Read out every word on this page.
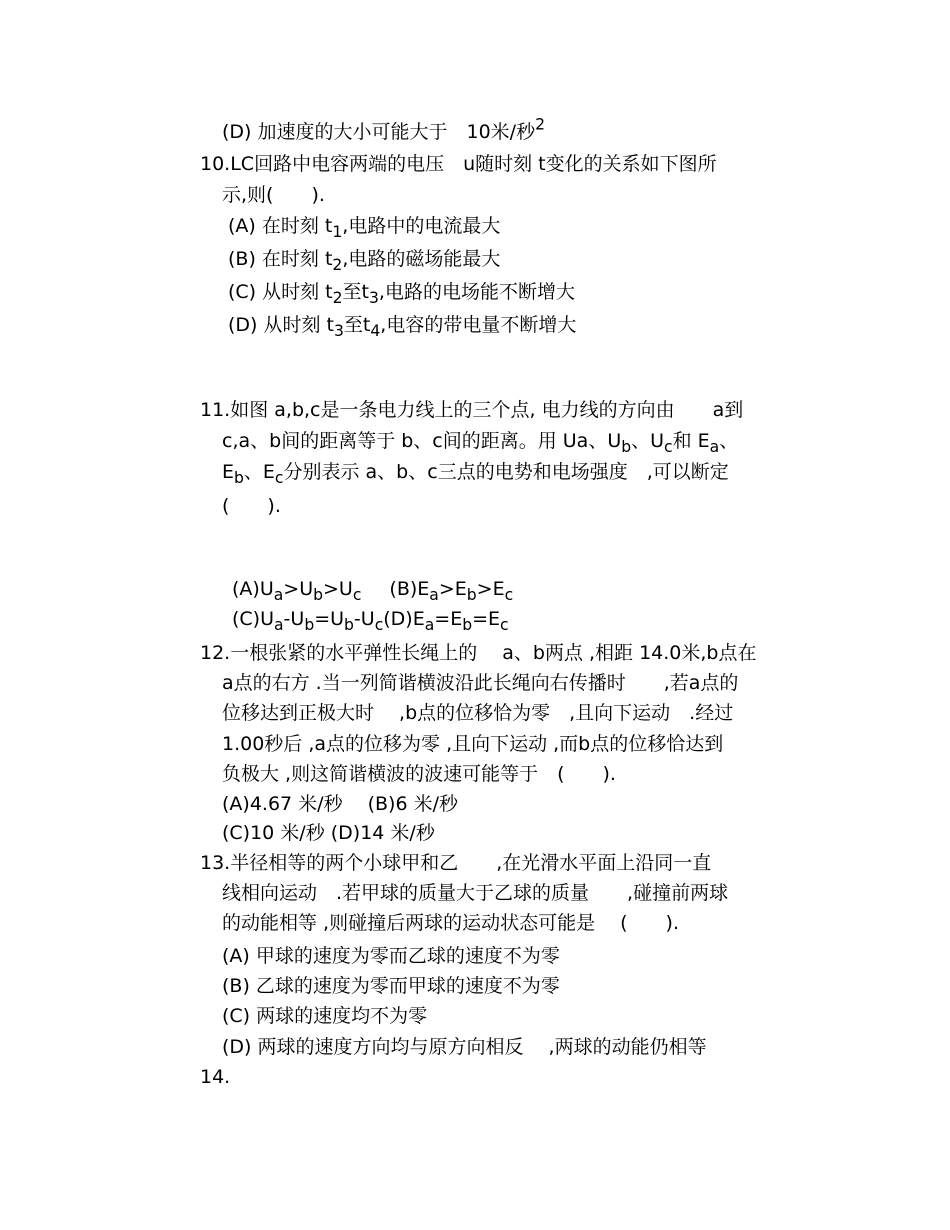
(D) 加速度的大小可能大于　10米/秒$^2$
10.LC回路中电容两端的电压　u随时刻 t变化的关系如下图所
示,则(　　).
(A) 在时刻 $t_1$,电路中的电流最大
(B) 在时刻 $t_2$,电路的磁场能最大
(C) 从时刻 $t_2$至$t_3$,电路的电场能不断增大
(D) 从时刻 $t_3$至$t_4$,电容的带电量不断增大
11.如图 a,b,c是一条电力线上的三个点, 电力线的方向由　　a到
c,a、b间的距离等于 b、c间的距离。用 Ua、$U_b$、$U_c$和 $E_a$、
$E_b$、$E_c$分别表示 a、b、c三点的电势和电场强度　,可以断定
(　　).
$(A)U_a>U_b>U_c$ $(B)E_a>E_b>E_c$
$(C)U_a-U_b=U_b-U_c(D)E_a=E_b=E_c$
12.一根张紧的水平弹性长绳上的　 a、b两点 ,相距 14.0米,b点在
a点的右方 .当一列简谐横波沿此长绳向右传播时　　,若a点的
位移达到正极大时　 ,b点的位移恰为零　,且向下运动　.经过
1.00秒后 ,a点的位移为零 ,且向下运动 ,而b点的位移恰达到
负极大 ,则这简谐横波的波速可能等于　(　　).
(A)4.67 米/秒　 (B)6 米/秒
(C)10 米/秒 (D)14 米/秒
13.半径相等的两个小球甲和乙　　,在光滑水平面上沿同一直
线相向运动　.若甲球的质量大于乙球的质量　　,碰撞前两球
的动能相等 ,则碰撞后两球的运动状态可能是　 (　　).
(A) 甲球的速度为零而乙球的速度不为零
(B) 乙球的速度为零而甲球的速度不为零
(C) 两球的速度均不为零
(D) 两球的速度方向均与原方向相反　 ,两球的动能仍相等
14.
